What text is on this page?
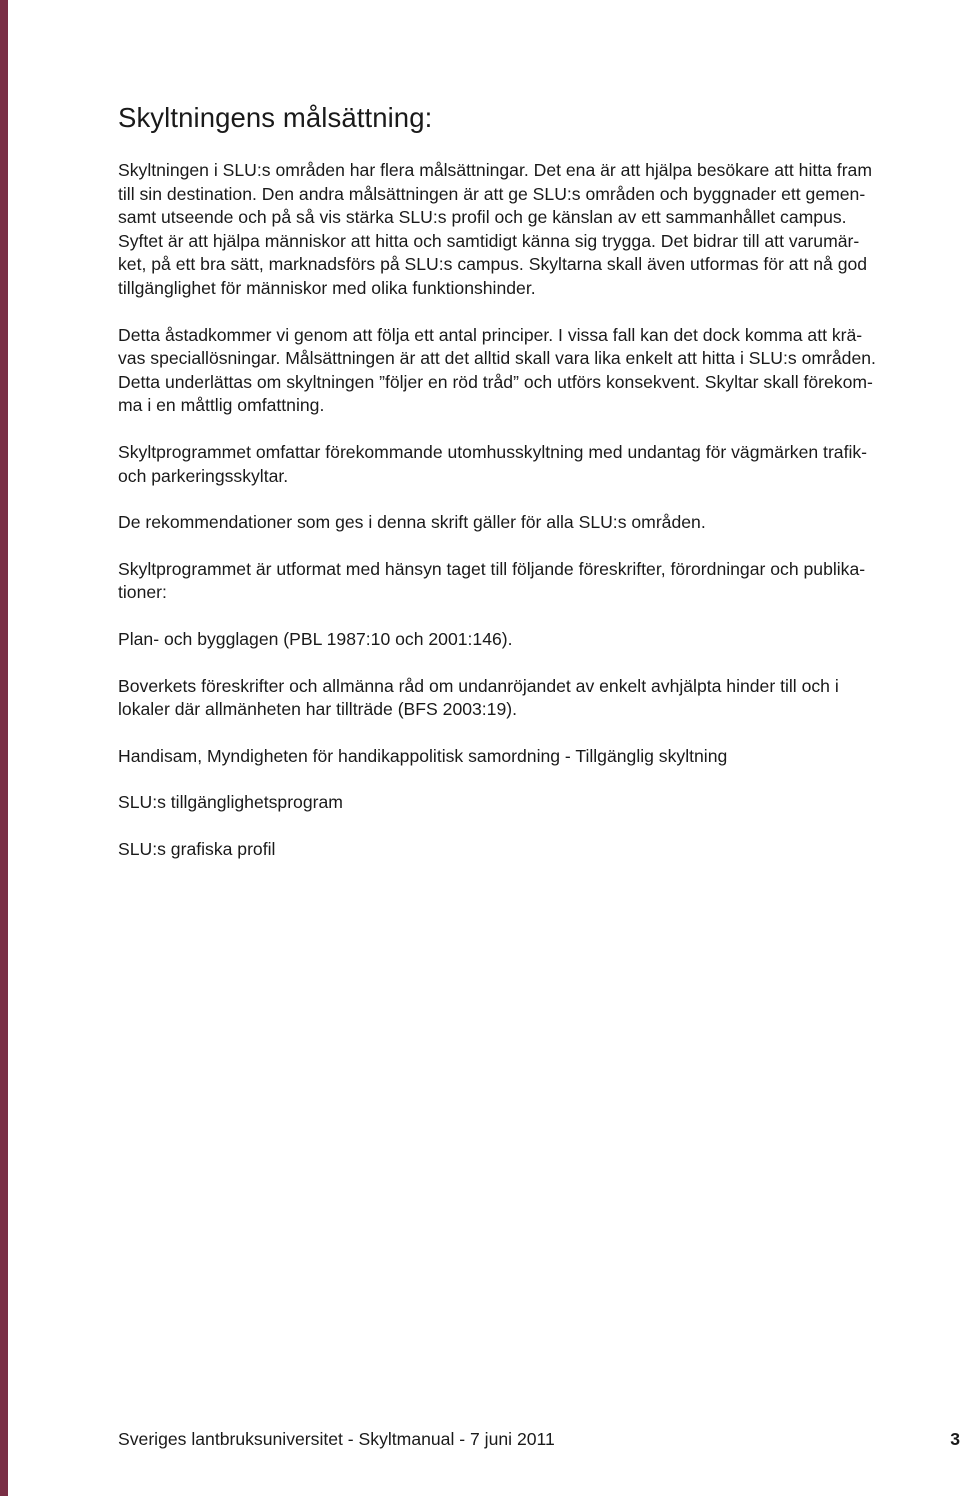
Skyltningens målsättning:

Skyltningen i SLU:s områden har flera målsättningar. Det ena är att hjälpa besökare att hitta fram
till sin destination. Den andra målsättningen är att ge SLU:s områden och byggnader ett gemen-
samt utseende och på så vis stärka SLU:s profil och ge känslan av ett sammanhållet campus.
Syftet är att hjälpa människor att hitta och samtidigt känna sig trygga. Det bidrar till att varumär-
ket, på ett bra sätt, marknadsförs på SLU:s campus. Skyltarna skall även utformas för att nå god
tillgänglighet för människor med olika funktionshinder.

Detta åstadkommer vi genom att följa ett antal principer. I vissa fall kan det dock komma att krä-
vas speciallösningar. Målsättningen är att det alltid skall vara lika enkelt att hitta i SLU:s områden.
Detta underlättas om skyltningen ”följer en röd tråd” och utförs konsekvent. Skyltar skall förekom-
ma i en måttlig omfattning.

Skyltprogrammet omfattar förekommande utomhusskyltning med undantag för vägmärken trafik-
och parkeringsskyltar.

De rekommendationer som ges i denna skrift gäller för alla SLU:s områden.

Skyltprogrammet är utformat med hänsyn taget till följande föreskrifter, förordningar och publika-
tioner:

Plan- och bygglagen (PBL 1987:10 och 2001:146).

Boverkets föreskrifter och allmänna råd om undanröjandet av enkelt avhjälpta hinder till och i
lokaler där allmänheten har tillträde (BFS 2003:19).

Handisam, Myndigheten för handikappolitisk samordning - Tillgänglig skyltning

SLU:s tillgänglighetsprogram

SLU:s grafiska profil

Sveriges lantbruksuniversitet - Skyltmanual - 7 juni 2011	3
